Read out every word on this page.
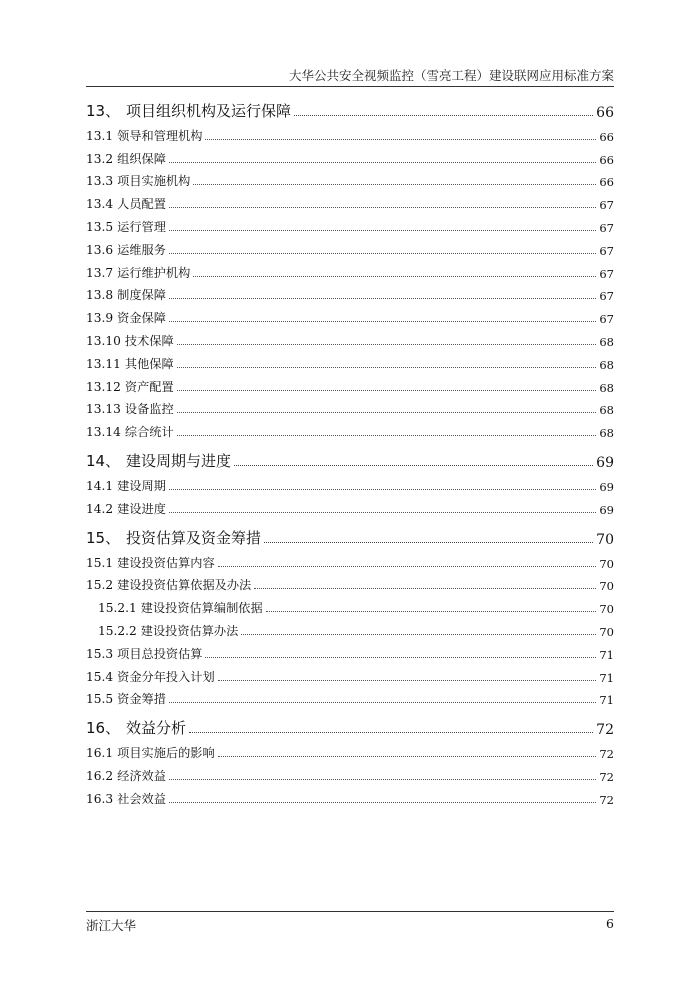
大华公共安全视频监控（雪亮工程）建设联网应用标准方案
13、 项目组织机构及运行保障	66
13.1 领导和管理机构	66
13.2 组织保障	66
13.3 项目实施机构	66
13.4 人员配置	67
13.5 运行管理	67
13.6 运维服务	67
13.7 运行维护机构	67
13.8 制度保障	67
13.9 资金保障	67
13.10 技术保障	68
13.11 其他保障	68
13.12 资产配置	68
13.13 设备监控	68
13.14 综合统计	68
14、 建设周期与进度	69
14.1 建设周期	69
14.2 建设进度	69
15、 投资估算及资金筹措	70
15.1 建设投资估算内容	70
15.2 建设投资估算依据及办法	70
15.2.1 建设投资估算编制依据	70
15.2.2 建设投资估算办法	70
15.3 项目总投资估算	71
15.4 资金分年投入计划	71
15.5 资金筹措	71
16、 效益分析	72
16.1 项目实施后的影响	72
16.2 经济效益	72
16.3 社会效益	72
浙江大华	6
